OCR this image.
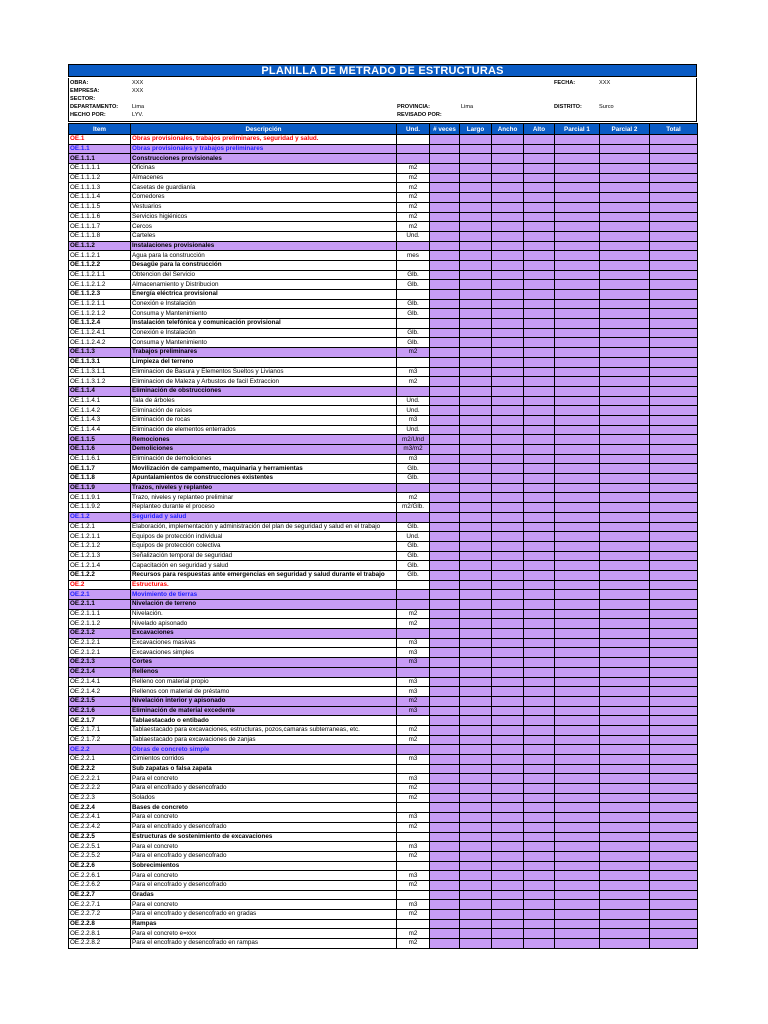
PLANILLA DE METRADO DE ESTRUCTURAS
OBRA:	XXX
EMPRESA:	XXX
SECTOR:
DEPARTAMENTO: Lima
HECHO POR:	LYV.
FECHA:	XXX
PROVINCIA:	Lima	DISTRITO:	Surco
REVISADO POR:
Item	Descripción	Und.	# veces	Largo	Ancho	Alto	Parcial 1	Parcial 2	Total
OE.1	Obras provisionales, trabajos preliminares, seguridad y salud.								
OE.1.1	Obras provisionales y trabajos preliminares								
OE.1.1.1	Construcciones provisionales								
OE.1.1.1.1	Oficinas	m2							
OE.1.1.1.2	Almacenes	m2							
OE.1.1.1.3	Casetas de guardianía	m2							
OE.1.1.1.4	Comedores	m2							
OE.1.1.1.5	Vestuarios	m2							
OE.1.1.1.6	Servicios higiénicos	m2							
OE.1.1.1.7	Cercos	m2							
OE.1.1.1.8	Carteles	Und.							
OE.1.1.2	Instalaciones provisionales								
OE.1.1.2.1	Agua para la construcción	mes							
OE.1.1.2.2	Desagüe para la construcción								
OE.1.1.2.1.1	Obtencion del Servicio	Glb.							
OE.1.1.2.1.2	Almacenamiento y Distribucion	Glb.							
OE.1.1.2.3	Energía eléctrica provisional								
OE.1.1.2.1.1	Conexión e Instalación	Glb.							
OE.1.1.2.1.2	Consuma y Mantenimiento	Glb.							
OE.1.1.2.4	Instalación telefónica y comunicación provisional								
OE.1.1.2.4.1	Conexión e Instalación	Glb.							
OE.1.1.2.4.2	Consuma y Mantenimiento	Glb.							
OE.1.1.3	Trabajos preliminares	m2							
OE.1.1.3.1	Limpieza del terreno								
OE.1.1.3.1.1	Eliminacion de Basura y Elementos Sueltos y Livianos	m3							
OE.1.1.3.1.2	Eliminacion de Maleza y Arbustos de facil Extraccion	m2							
OE.1.1.4	Eliminación de obstrucciones								
OE.1.1.4.1	Tala de árboles	Und.							
OE.1.1.4.2	Eliminación de raíces	Und.							
OE.1.1.4.3	Eliminación de rocas	m3							
OE.1.1.4.4	Eliminación de elementos enterrados	Und.							
OE.1.1.5	Remociones	m2/Und							
OE.1.1.6	Demoliciones	m3/m2							
OE.1.1.6.1	Eliminación de demoliciones	m3							
OE.1.1.7	Movilización de campamento, maquinaria y herramientas	Glb.							
OE.1.1.8	Apuntalamientos de construcciones existentes	Glb.							
OE.1.1.9	Trazos, niveles y replanteo								
OE.1.1.9.1	Trazo, niveles y replanteo preliminar	m2							
OE.1.1.9.2	Replanteo durante el proceso	m2/Glb.							
OE.1.2	Seguridad y salud								
OE.1.2.1	Elaboración, implementación y administración del plan de seguridad y salud en el trabajo	Glb.							
OE.1.2.1.1	Equipos de protección individual	Und.							
OE.1.2.1.2	Equipos de protección colectiva	Glb.							
OE.1.2.1.3	Señalización temporal de seguridad	Glb.							
OE.1.2.1.4	Capacitación en seguridad y salud	Glb.							
OE.1.2.2	Recursos para respuestas ante emergencias en seguridad y salud durante el trabajo	Glb.							
OE.2	Estructuras.								
OE.2.1	Movimiento de tierras								
OE.2.1.1	Nivelación de terreno								
OE.2.1.1.1	Nivelación.	m2							
OE.2.1.1.2	Nivelado apisonado	m2							
OE.2.1.2	Excavaciones								
OE.2.1.2.1	Excavaciones masivas	m3							
OE.2.1.2.1	Excavaciones simples	m3							
OE.2.1.3	Cortes	m3							
OE.2.1.4	Rellenos								
OE.2.1.4.1	Relleno con material propio	m3							
OE.2.1.4.2	Rellenos con material de préstamo	m3							
OE.2.1.5	Nivelación interior y apisonado	m2							
OE.2.1.6	Eliminación de material excedente	m3							
OE.2.1.7	Tablaestacado o entibado								
OE.2.1.7.1	Tablaestacado para excavaciones, estructuras, pozos,camaras subterraneas, etc.	m2							
OE.2.1.7.2	Tablaestacado para excavaciones de zanjas	m2							
OE.2.2	Obras de concreto simple								
OE.2.2.1	Cimientos corridos	m3							
OE.2.2.2	Sub zapatas o falsa zapata								
OE.2.2.2.1	Para el concreto	m3							
OE.2.2.2.2	Para el encofrado y desencofrado	m2							
OE.2.2.3	Solados	m2							
OE.2.2.4	Bases de concreto								
OE.2.2.4.1	Para el concreto	m3							
OE.2.2.4.2	Para el encofrado y desencofrado	m2							
OE.2.2.5	Estructuras de sostenimiento de excavaciones								
OE.2.2.5.1	Para el concreto	m3							
OE.2.2.5.2	Para el encofrado y desencofrado	m2							
OE.2.2.6	Sobrecimientos								
OE.2.2.6.1	Para el concreto	m3							
OE.2.2.6.2	Para el encofrado y desencofrado	m2							
OE.2.2.7	Gradas								
OE.2.2.7.1	Para el concreto	m3							
OE.2.2.7.2	Para el encofrado y desencofrado en gradas	m2							
OE.2.2.8	Rampas								
OE.2.2.8.1	Para el concreto e=xxx	m2							
OE.2.2.8.2	Para el encofrado y desencofrado en rampas	m2							
